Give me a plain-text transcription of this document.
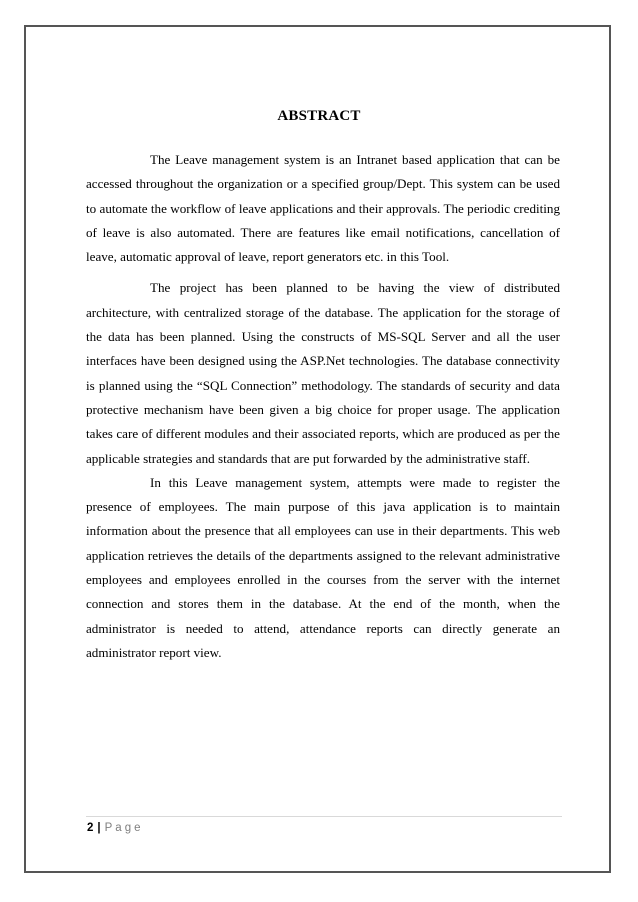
ABSTRACT

The Leave management system is an Intranet based application that can be accessed throughout the organization or a specified group/Dept. This system can be used to automate the workflow of leave applications and their approvals. The periodic crediting of leave is also automated. There are features like email notifications, cancellation of leave, automatic approval of leave, report generators etc. in this Tool.

The project has been planned to be having the view of distributed architecture, with centralized storage of the database. The application for the storage of the data has been planned. Using the constructs of MS-SQL Server and all the user interfaces have been designed using the ASP.Net technologies. The database connectivity is planned using the “SQL Connection” methodology. The standards of security and data protective mechanism have been given a big choice for proper usage. The application takes care of different modules and their associated reports, which are produced as per the applicable strategies and standards that are put forwarded by the administrative staff.

In this Leave management system, attempts were made to register the presence of employees. The main purpose of this java application is to maintain information about the presence that all employees can use in their departments. This web application retrieves the details of the departments assigned to the relevant administrative employees and employees enrolled in the courses from the server with the internet connection and stores them in the database. At the end of the month, when the administrator is needed to attend, attendance reports can directly generate an administrator report view.

2 | Page
